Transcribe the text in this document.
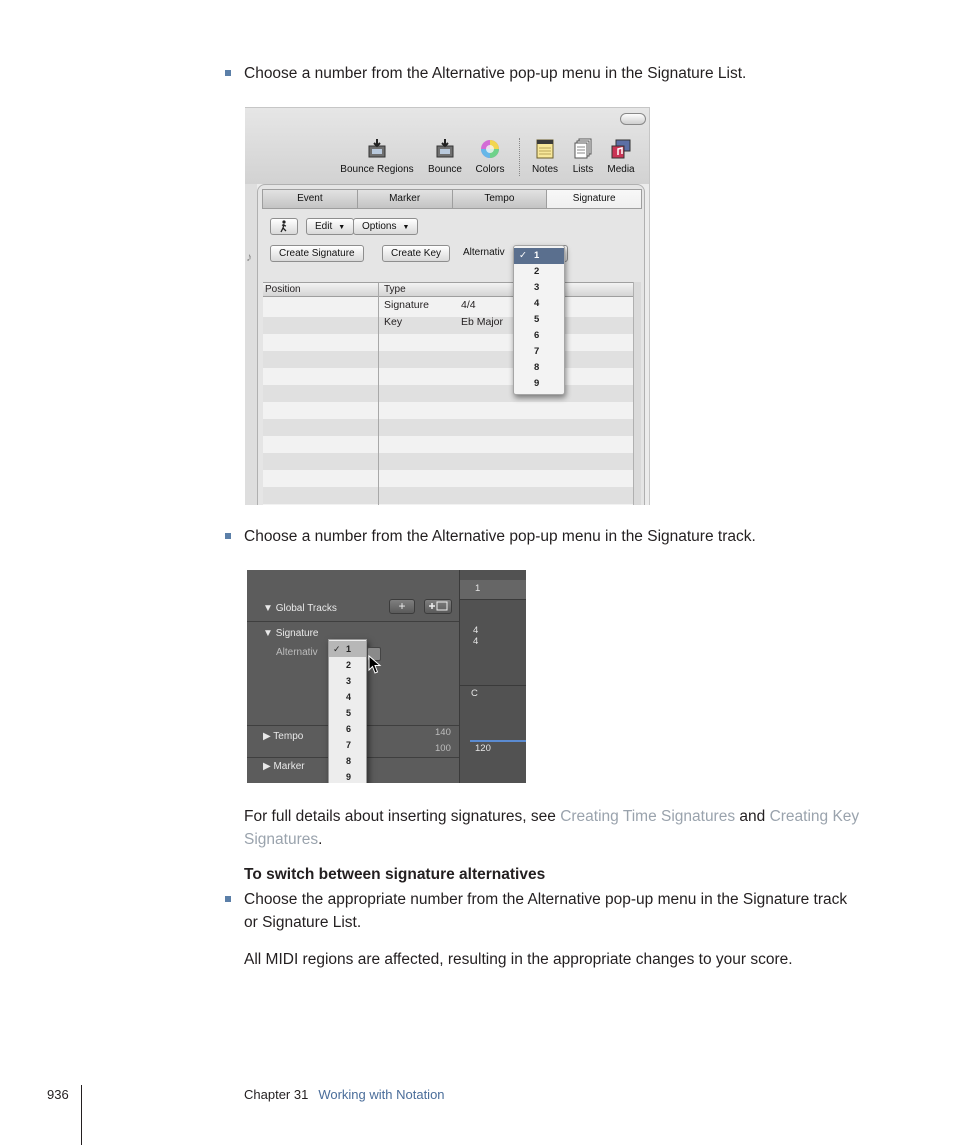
Choose a number from the Alternative pop-up menu in the Signature List.
Bounce Regions	Bounce	Colors	Notes	Lists	Media
♪
Event	Marker	Tempo	Signature
Edit ▼	Options ▼
Create Signature	Create Key	Alternativ
Position	Type
Signature	4/4
Key	Eb Major
✓ 1
2
3
4
5
6
7
8
9
Choose a number from the Alternative pop-up menu in the Signature track.
▼ Global Tracks	+
▼ Signature
Alternativ
▶ Tempo	140
100
▶ Marker
1
4
4
C
120
✓ 1
2
3
4
5
6
7
8
9
For full details about inserting signatures, see Creating Time Signatures and Creating Key
Signatures.
To switch between signature alternatives
Choose the appropriate number from the Alternative pop-up menu in the Signature track
or Signature List.
All MIDI regions are affected, resulting in the appropriate changes to your score.
936	Chapter 31 Working with Notation
